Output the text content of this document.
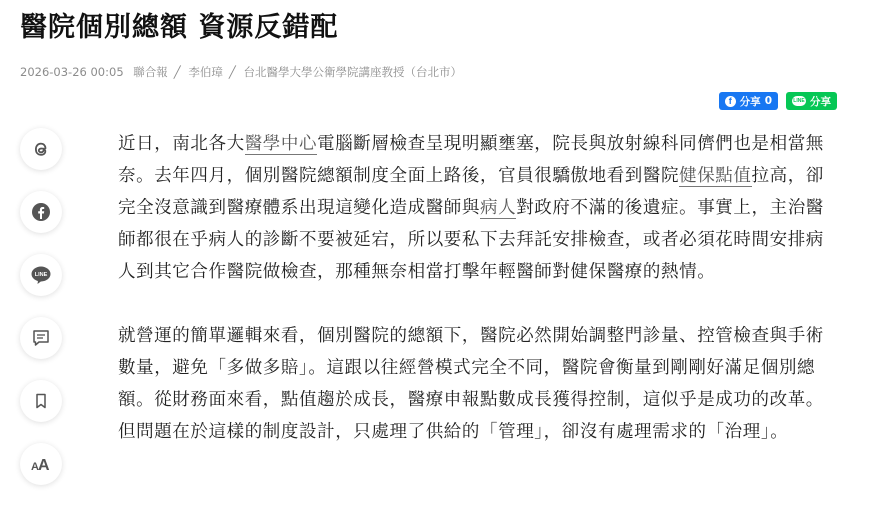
醫院個別總額 資源反錯配
2026-03-26 00:05 聯合報 ╱ 李伯璋 ╱ 台北醫學大學公衛學院講座教授（台北市）
f 分享 0	LINE 分享
LINE
A A

近日，南北各大醫學中心電腦斷層檢查呈現明顯壅塞，院長與放射線科同儕們也是相當無奈。去年四月，個別醫院總額制度全面上路後，官員很驕傲地看到醫院健保點值拉高，卻完全沒意識到醫療體系出現這變化造成醫師與病人對政府不滿的後遺症。事實上，主治醫師都很在乎病人的診斷不要被延宕，所以要私下去拜託安排檢查，或者必須花時間安排病人到其它合作醫院做檢查，那種無奈相當打擊年輕醫師對健保醫療的熱情。

就營運的簡單邏輯來看，個別醫院的總額下，醫院必然開始調整門診量、控管檢查與手術數量，避免「多做多賠」。這跟以往經營模式完全不同，醫院會衡量到剛剛好滿足個別總額。從財務面來看，點值趨於成長，醫療申報點數成長獲得控制，這似乎是成功的改革。但問題在於這樣的制度設計，只處理了供給的「管理」，卻沒有處理需求的「治理」。
